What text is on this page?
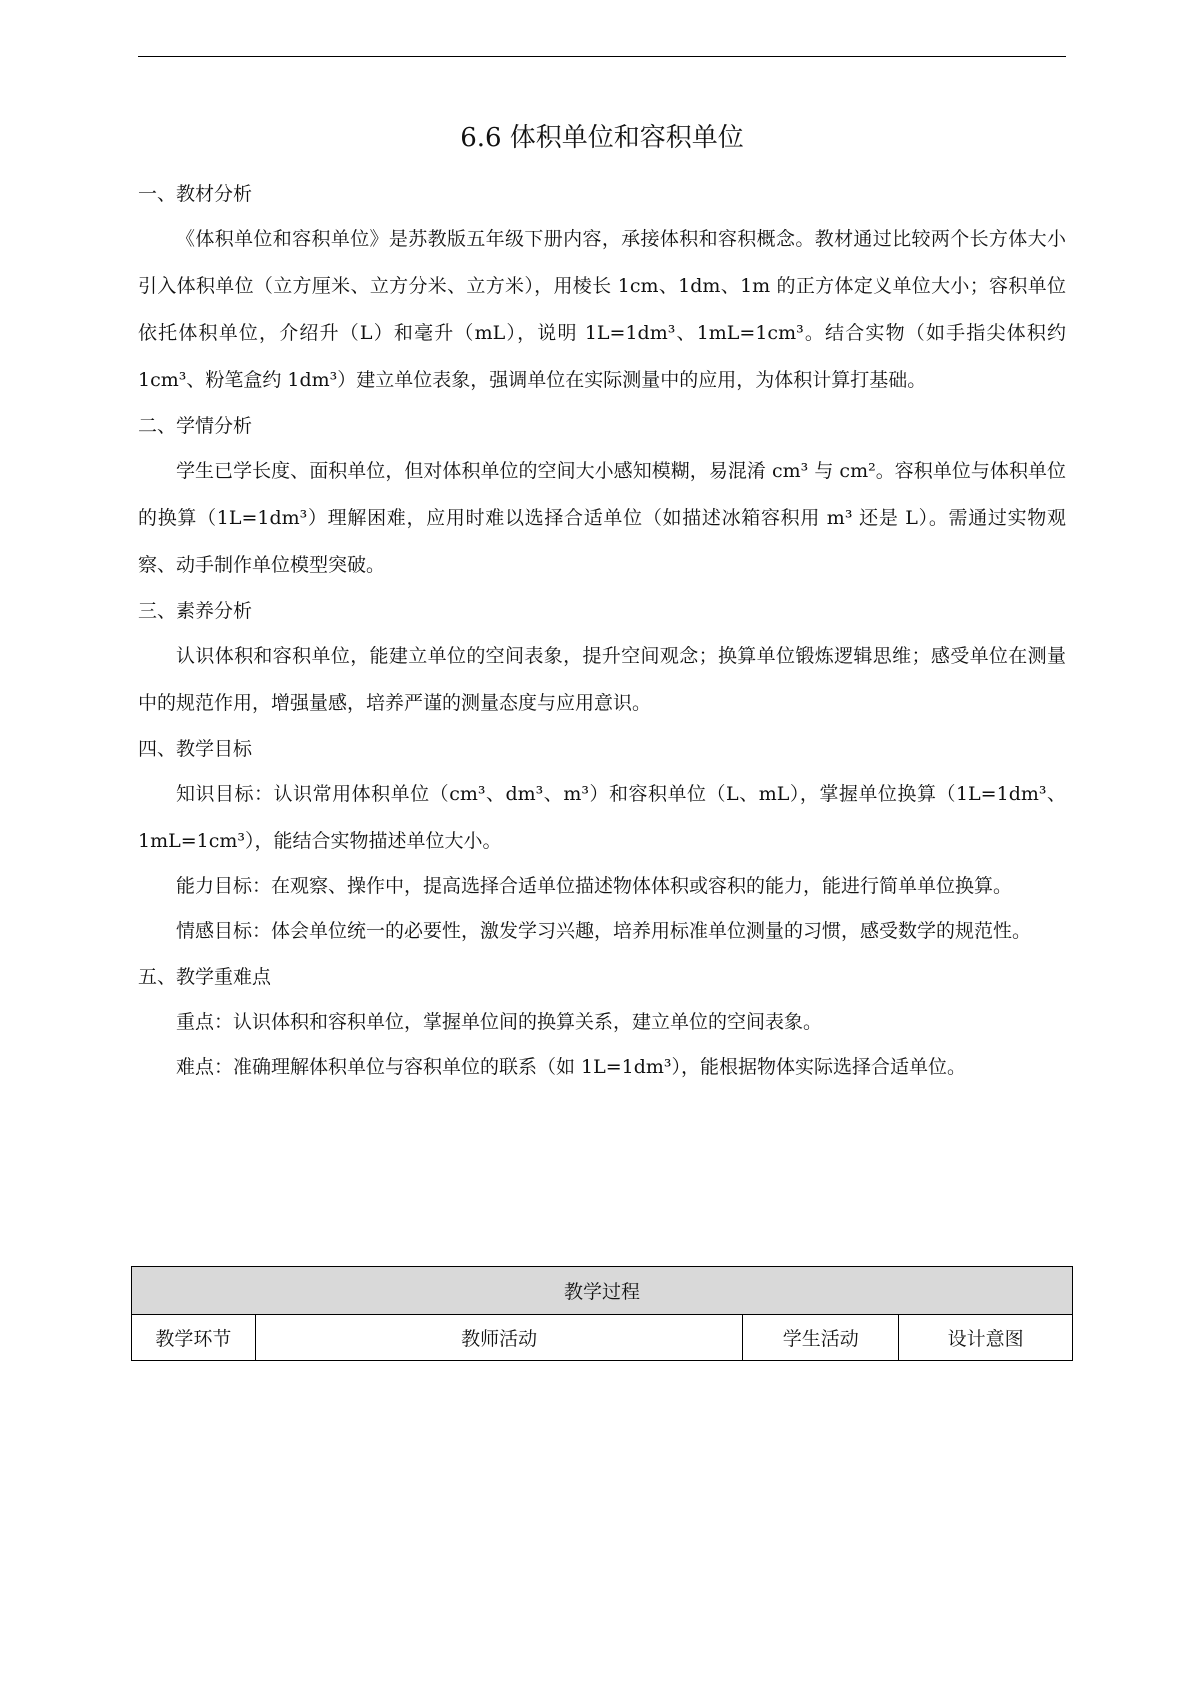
6.6 体积单位和容积单位
一、教材分析

《体积单位和容积单位》是苏教版五年级下册内容，承接体积和容积概念。教材通过比较两个长方体大小引入体积单位（立方厘米、立方分米、立方米），用棱长 1cm、1dm、1m 的正方体定义单位大小；容积单位依托体积单位，介绍升（L）和毫升（mL），说明 1L=1dm³、1mL=1cm³。结合实物（如手指尖体积约 1cm³、粉笔盒约 1dm³）建立单位表象，强调单位在实际测量中的应用，为体积计算打基础。

二、学情分析

学生已学长度、面积单位，但对体积单位的空间大小感知模糊，易混淆 cm³ 与 cm²。容积单位与体积单位的换算（1L=1dm³）理解困难，应用时难以选择合适单位（如描述冰箱容积用 m³ 还是 L）。需通过实物观察、动手制作单位模型突破。

三、素养分析

认识体积和容积单位，能建立单位的空间表象，提升空间观念；换算单位锻炼逻辑思维；感受单位在测量中的规范作用，增强量感，培养严谨的测量态度与应用意识。

四、教学目标

知识目标：认识常用体积单位（cm³、dm³、m³）和容积单位（L、mL），掌握单位换算（1L=1dm³、1mL=1cm³），能结合实物描述单位大小。

能力目标：在观察、操作中，提高选择合适单位描述物体体积或容积的能力，能进行简单单位换算。

情感目标：体会单位统一的必要性，激发学习兴趣，培养用标准单位测量的习惯，感受数学的规范性。

五、教学重难点

重点：认识体积和容积单位，掌握单位间的换算关系，建立单位的空间表象。

难点：准确理解体积单位与容积单位的联系（如 1L=1dm³），能根据物体实际选择合适单位。

教学过程
教学环节	教师活动	学生活动	设计意图
